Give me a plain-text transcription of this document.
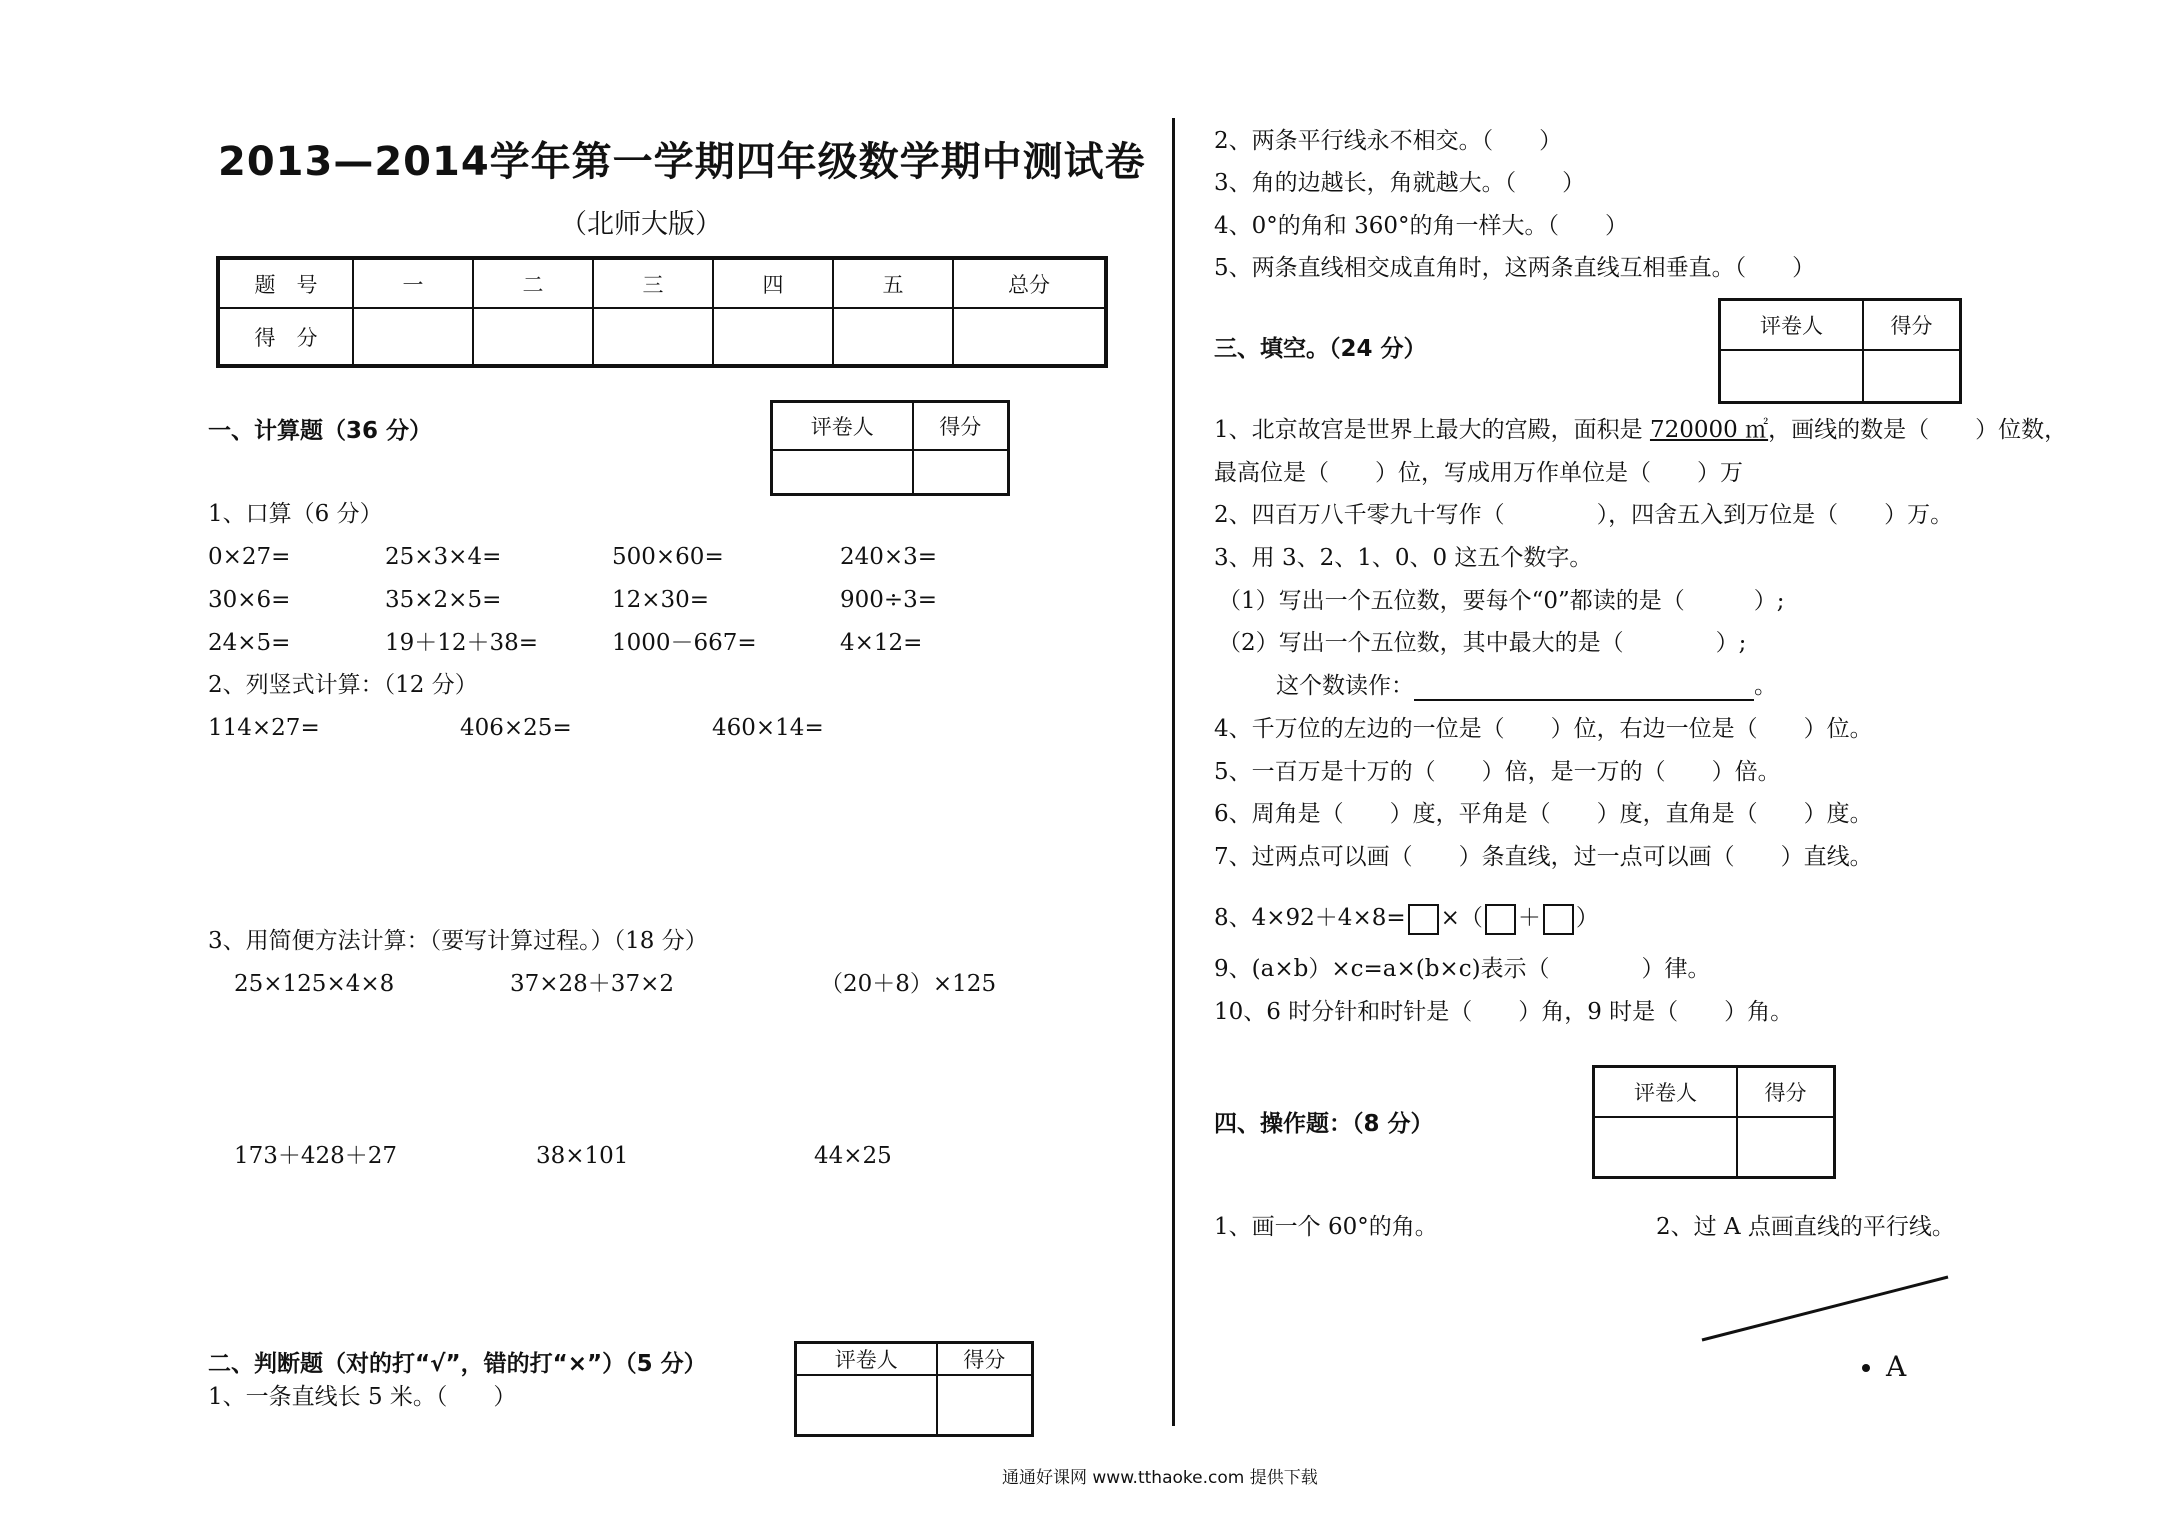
2013—2014学年第一学期四年级数学期中测试卷
（北师大版）
题　号	一	二	三	四	五	总分
得　分						
一、计算题（36 分）	评卷人	得分

1、口算（6 分）
0×27=	25×3×4=	500×60=	240×3=
30×6=	35×2×5=	12×30=	900÷3=
24×5=	19＋12＋38=	1000－667=	4×12=
2、列竖式计算：（12 分）
114×27=	406×25=	460×14=
3、用简便方法计算：（要写计算过程。）（18 分）
25×125×4×8	37×28＋37×2	（20＋8）×125
173＋428＋27	38×101	44×25
二、判断题（对的打“√”，错的打“×”）（5 分）	评卷人	得分

1、一条直线长 5 米。（　　）
2、两条平行线永不相交。（　　）
3、角的边越长，角就越大。（　　）
4、0°的角和 360°的角一样大。（　　）
5、两条直线相交成直角时，这两条直线互相垂直。（　　）
三、填空。（24 分）
评卷人	得分

1、北京故宫是世界上最大的宫殿，面积是 720000 ㎡，画线的数是（　　）位数，
最高位是（　　）位，写成用万作单位是（　　）万
2、四百万八千零九十写作（　　　　），四舍五入到万位是（　　）万。
3、用 3、2、1、0、0 这五个数字。
（1）写出一个五位数，要每个“0”都读的是（　　　）;
（2）写出一个五位数，其中最大的是（　　　　）;
这个数读作：	。
4、千万位的左边的一位是（　　）位，右边一位是（　　）位。
5、一百万是十万的（　　）倍，是一万的（　　）倍。
6、周角是（　　）度，平角是（　　）度，直角是（　　）度。
7、过两点可以画（　　）条直线，过一点可以画（　　）直线。
8、4×92＋4×8= ×（ ＋ ）
9、(a×b）×c=a×(b×c)表示（　　　　）律。
10、6 时分针和时针是（　　）角，9 时是（　　）角。
四、操作题：（8 分）
评卷人	得分

1、画一个 60°的角。	2、过 A 点画直线的平行线。
A
通通好课网 www.tthaoke.com 提供下载
